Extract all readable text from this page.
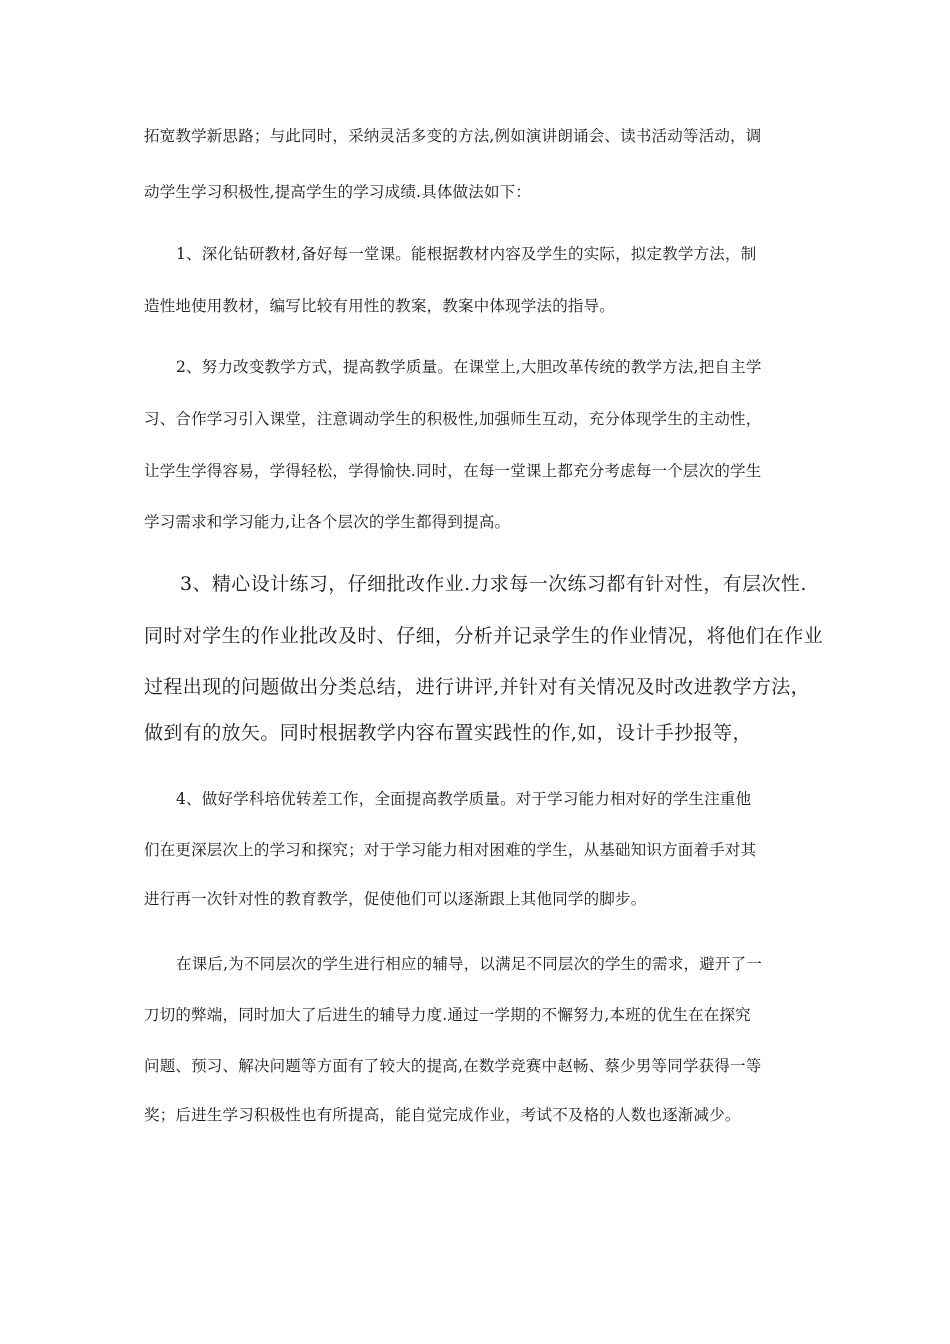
拓宽教学新思路；与此同时，采纳灵活多变的方法,例如演讲朗诵会、读书活动等活动，调
动学生学习积极性,提高学生的学习成绩.具体做法如下：
1、深化钻研教材,备好每一堂课。能根据教材内容及学生的实际，拟定教学方法，制
造性地使用教材，编写比较有用性的教案，教案中体现学法的指导。
2、努力改变教学方式，提高教学质量。在课堂上,大胆改革传统的教学方法,把自主学
习、合作学习引入课堂，注意调动学生的积极性,加强师生互动，充分体现学生的主动性，
让学生学得容易，学得轻松，学得愉快.同时，在每一堂课上都充分考虑每一个层次的学生
学习需求和学习能力,让各个层次的学生都得到提高。
3、精心设计练习，仔细批改作业.力求每一次练习都有针对性，有层次性.
同时对学生的作业批改及时、仔细，分析并记录学生的作业情况，将他们在作业
过程出现的问题做出分类总结，进行讲评,并针对有关情况及时改进教学方法，
做到有的放矢。同时根据教学内容布置实践性的作,如，设计手抄报等，
4、做好学科培优转差工作，全面提高教学质量。对于学习能力相对好的学生注重他
们在更深层次上的学习和探究；对于学习能力相对困难的学生，从基础知识方面着手对其
进行再一次针对性的教育教学，促使他们可以逐渐跟上其他同学的脚步。
在课后,为不同层次的学生进行相应的辅导，以满足不同层次的学生的需求，避开了一
刀切的弊端，同时加大了后进生的辅导力度.通过一学期的不懈努力,本班的优生在在探究
问题、预习、解决问题等方面有了较大的提高,在数学竞赛中赵畅、蔡少男等同学获得一等
奖；后进生学习积极性也有所提高，能自觉完成作业，考试不及格的人数也逐渐减少。
